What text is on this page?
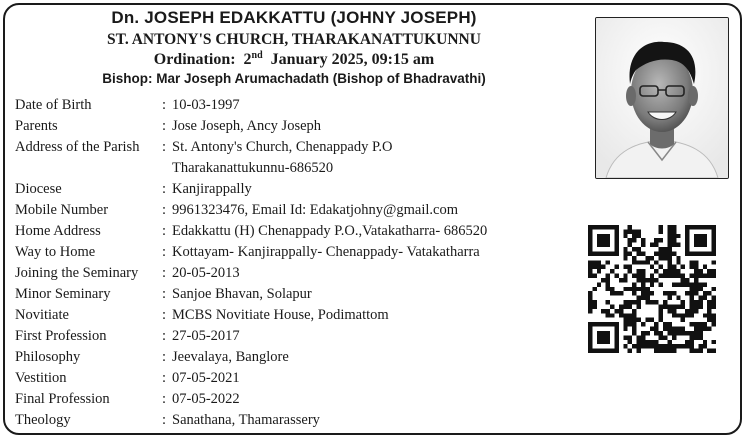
Dn. JOSEPH EDAKKATTU (JOHNY JOSEPH)
ST. ANTONY'S CHURCH, THARAKANATTUKUNNU
Ordination: 2nd January 2025, 09:15 am
Bishop: Mar Joseph Arumachadath (Bishop of Bhadravathi)
Date of Birth	: 10-03-1997
Parents	: Jose Joseph, Ancy Joseph
Address of the Parish : St. Antony's Church, Chenappady P.O
Tharakanattukunnu-686520
Diocese	: Kanjirappally
Mobile Number	: 9961323476, Email Id: Edakatjohny@gmail.com
Home Address	: Edakkattu (H) Chenappady P.O.,Vatakatharra- 686520
Way to Home	: Kottayam- Kanjirappally- Chenappady- Vatakatharra
Joining the Seminary : 20-05-2013
Minor Seminary	: Sanjoe Bhavan, Solapur
Novitiate	: MCBS Novitiate House, Podimattom
First Profession	: 27-05-2017
Philosophy	: Jeevalaya, Banglore
Vestition	: 07-05-2021
Final Profession	: 07-05-2022
Theology	: Sanathana, Thamarassery
